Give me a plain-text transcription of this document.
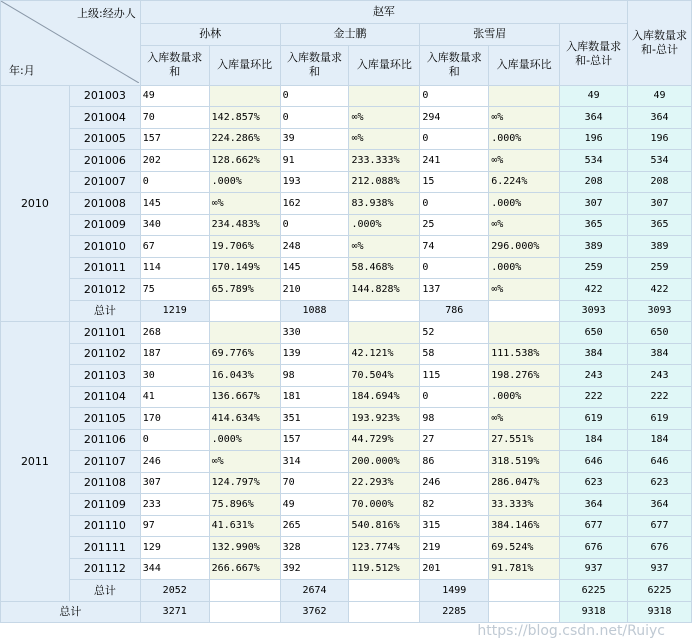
上级:经办人
年:月		赵军							入库数量求和-总计
		孙林		金士鹏		张雪眉		入库数量求和-总计	
		入库数量求和	入库量环比	入库数量求和	入库量环比	入库数量求和	入库量环比		
2010	201003	49		0		0		49	49
	201004	70	142.857%	0	∞%	294	∞%	364	364
	201005	157	224.286%	39	∞%	0	.000%	196	196
	201006	202	128.662%	91	233.333%	241	∞%	534	534
	201007	0	.000%	193	212.088%	15	6.224%	208	208
	201008	145	∞%	162	83.938%	0	.000%	307	307
	201009	340	234.483%	0	.000%	25	∞%	365	365
	201010	67	19.706%	248	∞%	74	296.000%	389	389
	201011	114	170.149%	145	58.468%	0	.000%	259	259
	201012	75	65.789%	210	144.828%	137	∞%	422	422
	总计	1219		1088		786		3093	3093
2011	201101	268		330		52		650	650
	201102	187	69.776%	139	42.121%	58	111.538%	384	384
	201103	30	16.043%	98	70.504%	115	198.276%	243	243
	201104	41	136.667%	181	184.694%	0	.000%	222	222
	201105	170	414.634%	351	193.923%	98	∞%	619	619
	201106	0	.000%	157	44.729%	27	27.551%	184	184
	201107	246	∞%	314	200.000%	86	318.519%	646	646
	201108	307	124.797%	70	22.293%	246	286.047%	623	623
	201109	233	75.896%	49	70.000%	82	33.333%	364	364
	201110	97	41.631%	265	540.816%	315	384.146%	677	677
	201111	129	132.990%	328	123.774%	219	69.524%	676	676
	201112	344	266.667%	392	119.512%	201	91.781%	937	937
	总计	2052		2674		1499		6225	6225
总计		3271		3762		2285		9318	9318
https://blog.csdn.net/Ruiyc
